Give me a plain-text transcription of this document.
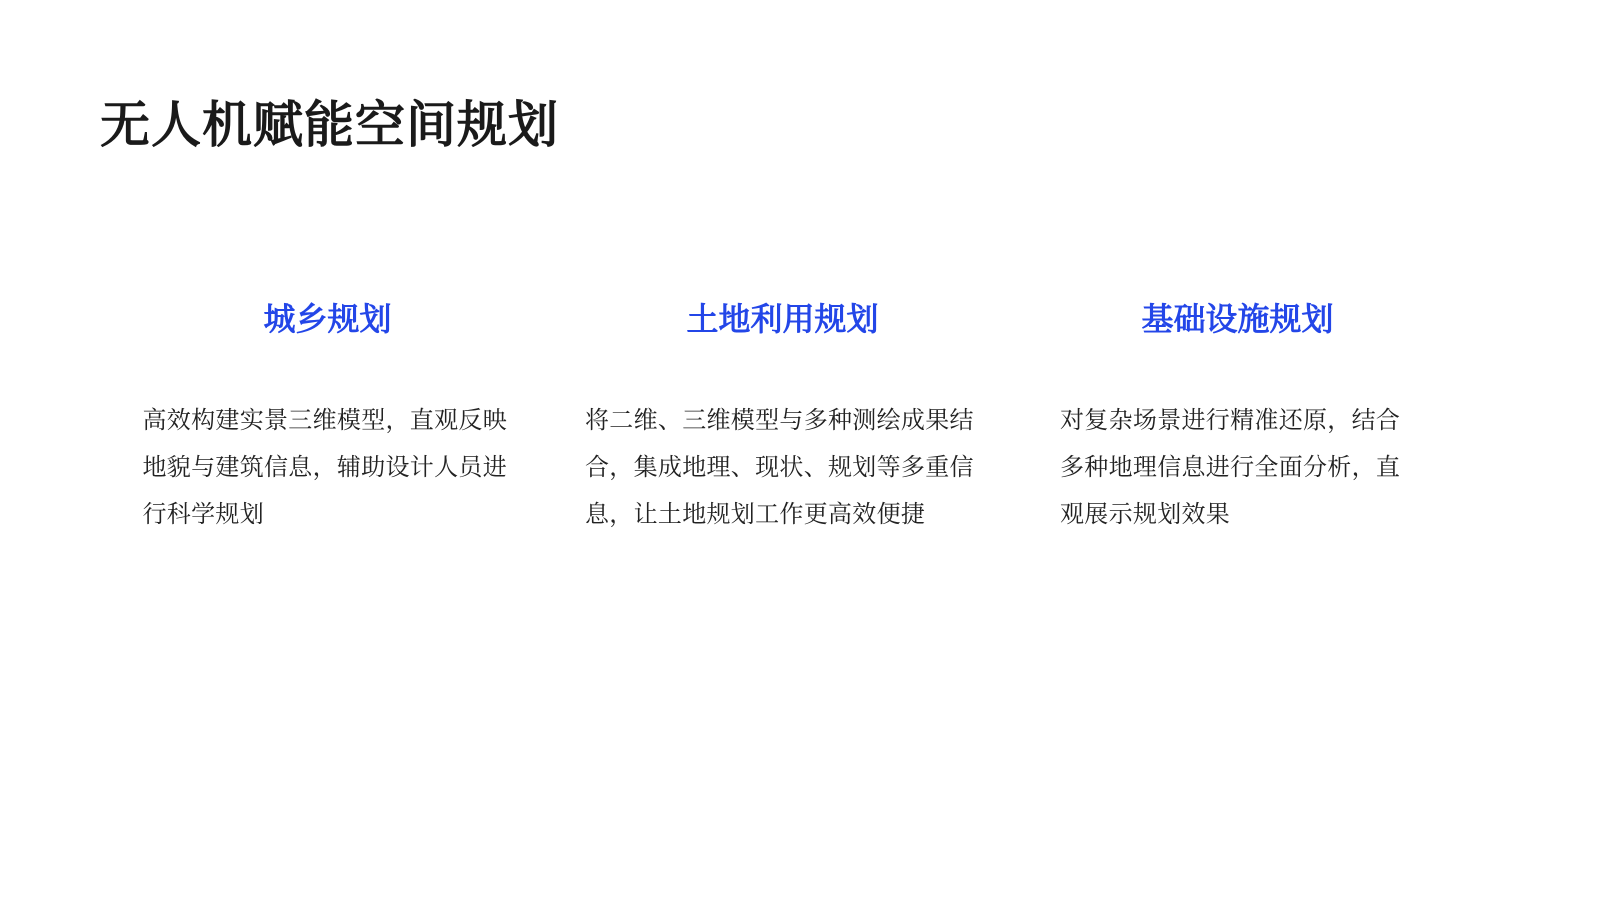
无人机赋能空间规划
城乡规划
高效构建实景三维模型，直观反映地貌与建筑信息，辅助设计人员进行科学规划
土地利用规划
将二维、三维模型与多种测绘成果结合，集成地理、现状、规划等多重信息，让土地规划工作更高效便捷
基础设施规划
对复杂场景进行精准还原，结合多种地理信息进行全面分析，直观展示规划效果
